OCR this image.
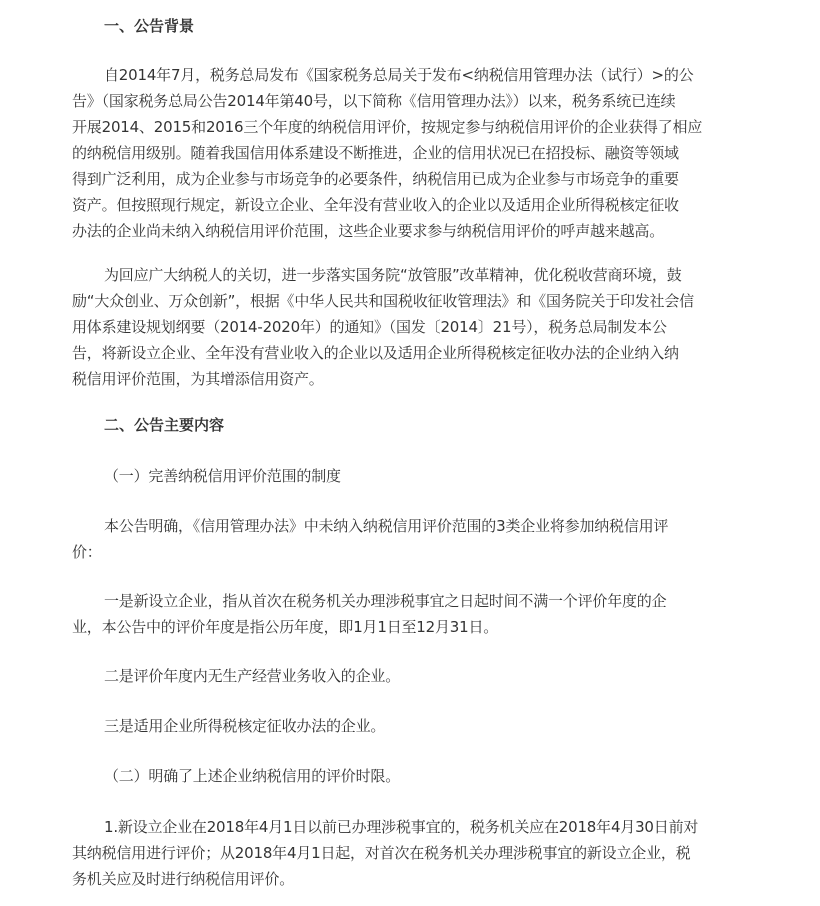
一、公告背景
自2014年7月，税务总局发布《国家税务总局关于发布<纳税信用管理办法（试行）>的公
告》（国家税务总局公告2014年第40号，以下简称《信用管理办法》）以来，税务系统已连续
开展2014、2015和2016三个年度的纳税信用评价，按规定参与纳税信用评价的企业获得了相应
的纳税信用级别。随着我国信用体系建设不断推进，企业的信用状况已在招投标、融资等领域
得到广泛利用，成为企业参与市场竞争的必要条件，纳税信用已成为企业参与市场竞争的重要
资产。但按照现行规定，新设立企业、全年没有营业收入的企业以及适用企业所得税核定征收
办法的企业尚未纳入纳税信用评价范围，这些企业要求参与纳税信用评价的呼声越来越高。
为回应广大纳税人的关切，进一步落实国务院“放管服”改革精神，优化税收营商环境，鼓
励“大众创业、万众创新”，根据《中华人民共和国税收征收管理法》和《国务院关于印发社会信
用体系建设规划纲要（2014-2020年）的通知》（国发〔2014〕21号），税务总局制发本公
告，将新设立企业、全年没有营业收入的企业以及适用企业所得税核定征收办法的企业纳入纳
税信用评价范围，为其增添信用资产。
二、公告主要内容
（一）完善纳税信用评价范围的制度
本公告明确，《信用管理办法》中未纳入纳税信用评价范围的3类企业将参加纳税信用评
价：
一是新设立企业，指从首次在税务机关办理涉税事宜之日起时间不满一个评价年度的企
业，本公告中的评价年度是指公历年度，即1月1日至12月31日。
二是评价年度内无生产经营业务收入的企业。
三是适用企业所得税核定征收办法的企业。
（二）明确了上述企业纳税信用的评价时限。
1.新设立企业在2018年4月1日以前已办理涉税事宜的，税务机关应在2018年4月30日前对
其纳税信用进行评价；从2018年4月1日起，对首次在税务机关办理涉税事宜的新设立企业，税
务机关应及时进行纳税信用评价。
